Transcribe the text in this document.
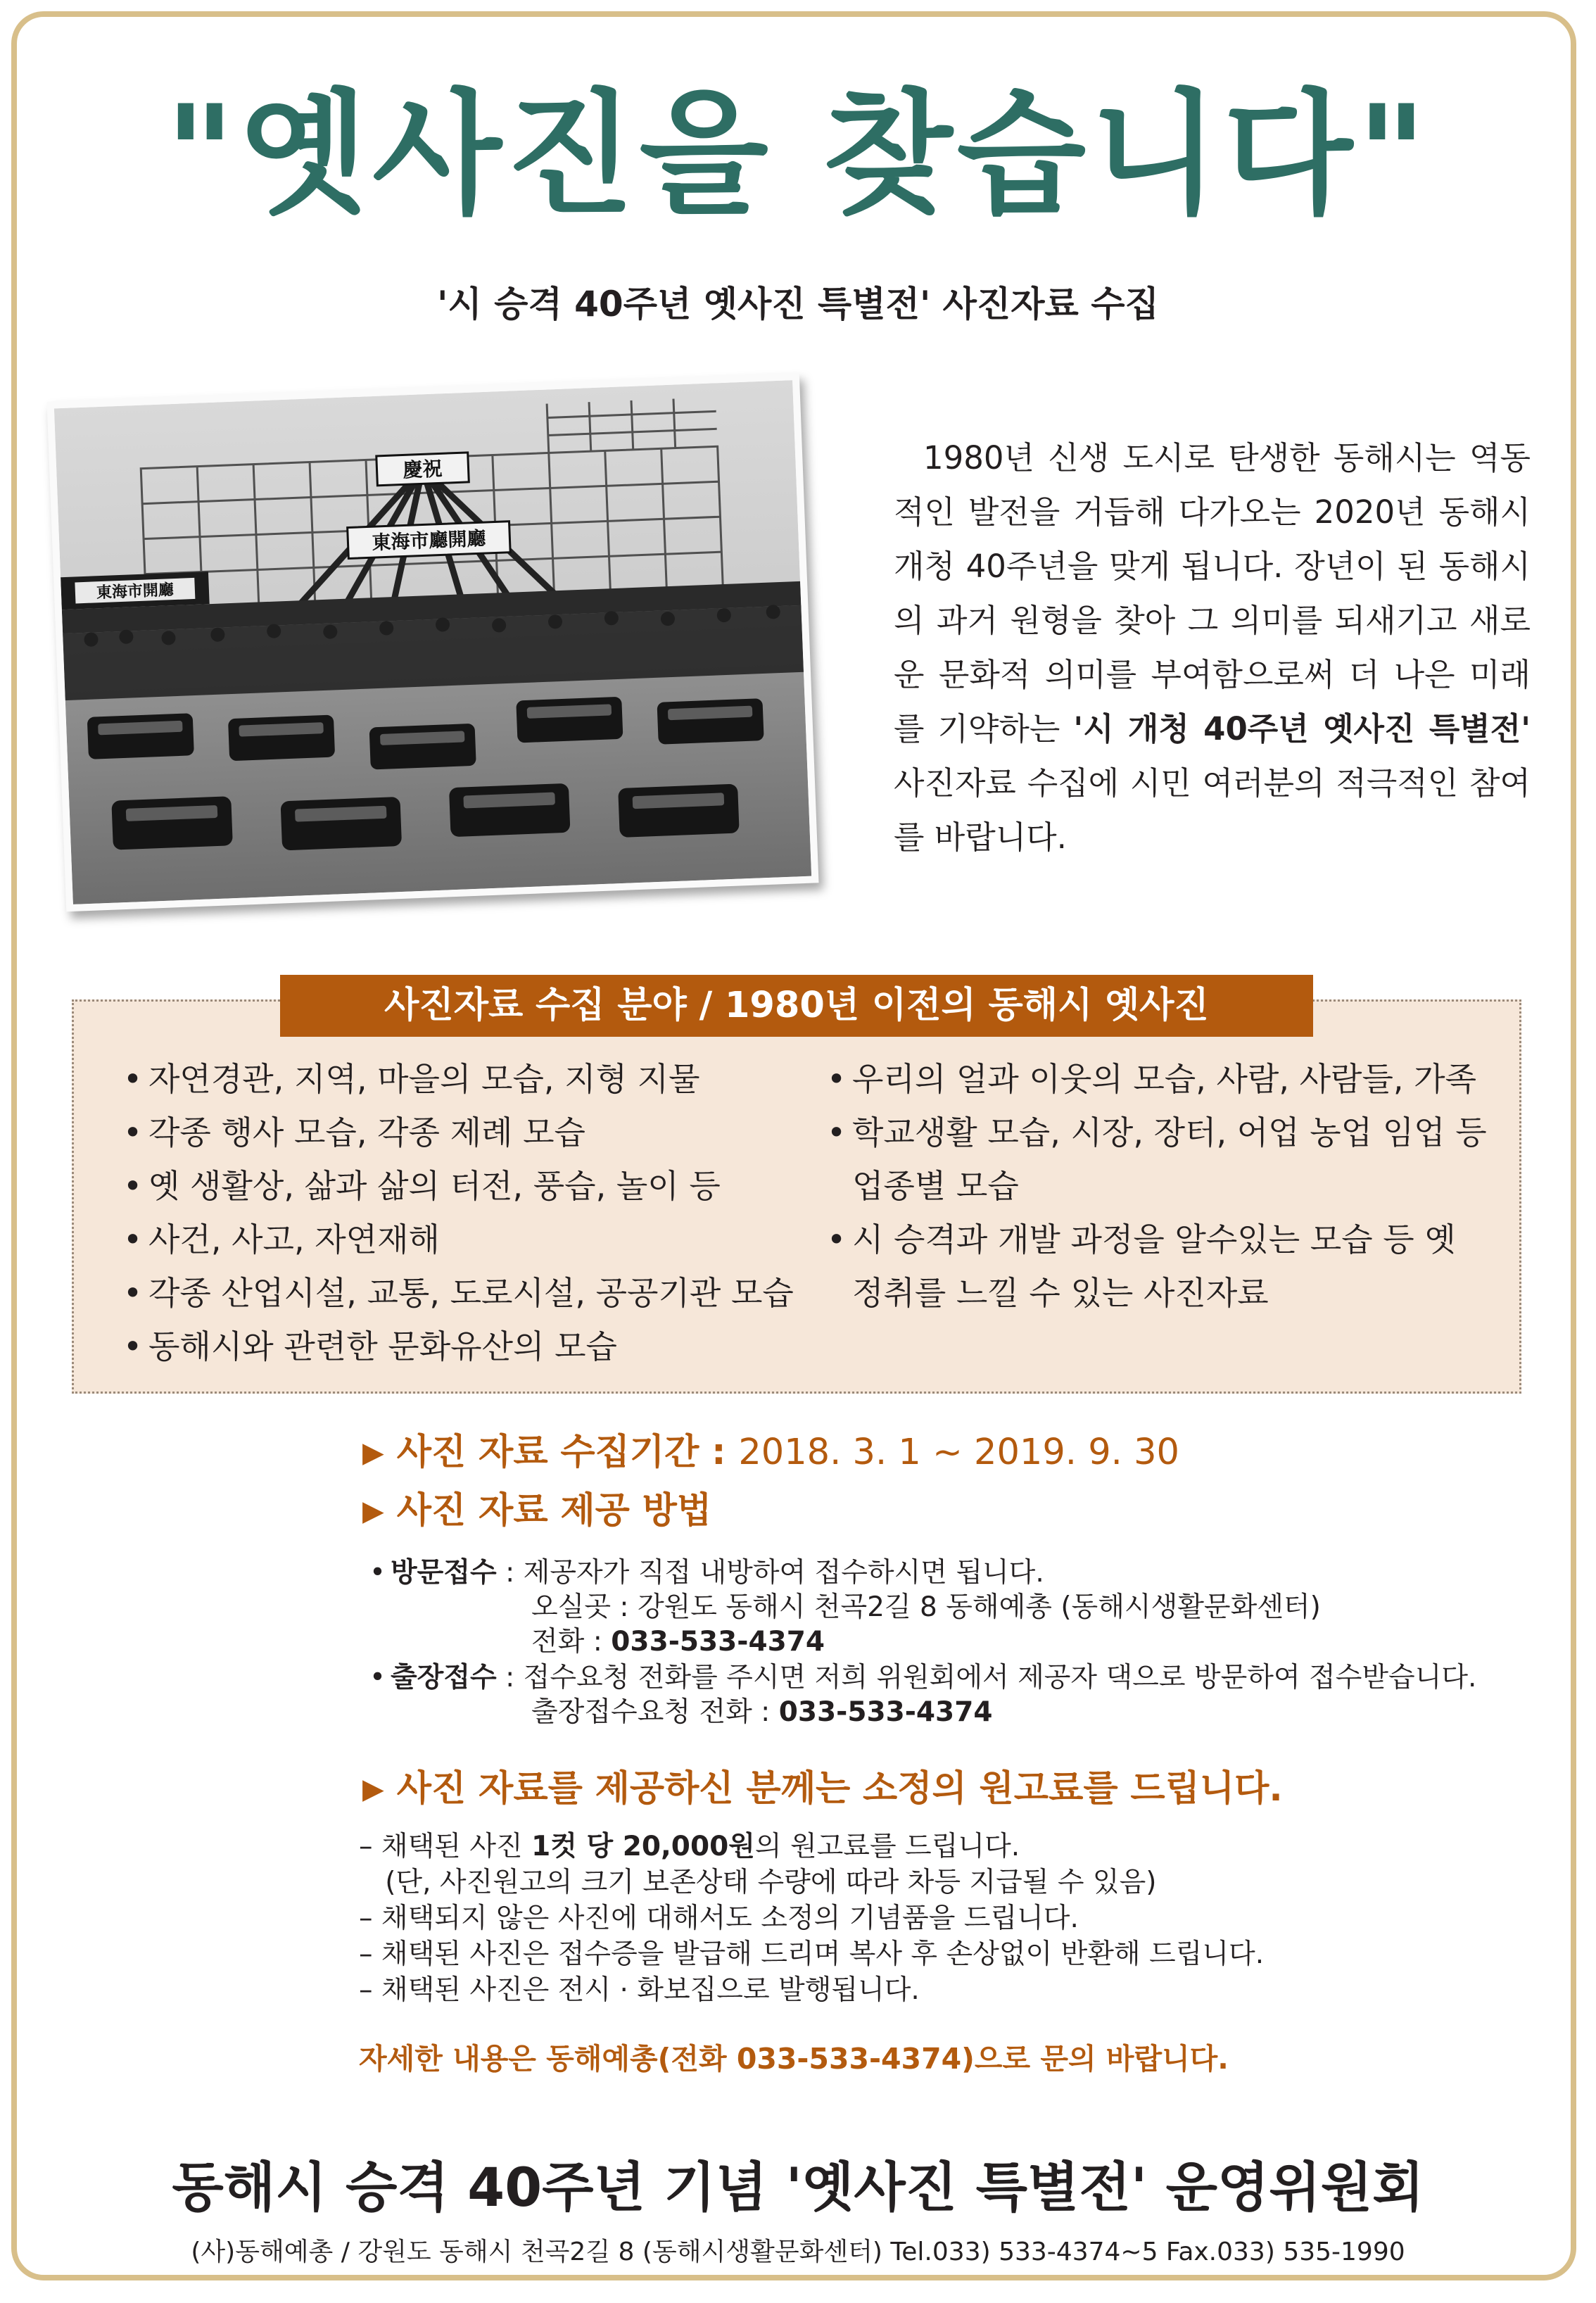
"옛사진을 찾습니다"
'시 승격 40주년 옛사진 특별전' 사진자료 수집
慶祝
東海市廳開廳
東海市開廳
1980년 신생 도시로 탄생한 동해시는 역동적인 발전을 거듭해 다가오는 2020년 동해시 개청 40주년을 맞게 됩니다. 장년이 된 동해시의 과거 원형을 찾아 그 의미를 되새기고 새로운 문화적 의미를 부여함으로써 더 나은 미래를 기약하는 '시 개청 40주년 옛사진 특별전' 사진자료 수집에 시민 여러분의 적극적인 참여를 바랍니다.
사진자료 수집 분야 / 1980년 이전의 동해시 옛사진
• 자연경관, 지역, 마을의 모습, 지형 지물
• 각종 행사 모습, 각종 제례 모습
• 옛 생활상, 삶과 삶의 터전, 풍습, 놀이 등
• 사건, 사고, 자연재해
• 각종 산업시설, 교통, 도로시설, 공공기관 모습
• 동해시와 관련한 문화유산의 모습
• 우리의 얼과 이웃의 모습, 사람, 사람들, 가족
• 학교생활 모습, 시장, 장터, 어업 농업 임업 등 업종별 모습
• 시 승격과 개발 과정을 알수있는 모습 등 옛 정취를 느낄 수 있는 사진자료
▶ 사진 자료 수집기간 : 2018. 3. 1 ~ 2019. 9. 30
▶ 사진 자료 제공 방법
• 방문접수 : 제공자가 직접 내방하여 접수하시면 됩니다.
오실곳 : 강원도 동해시 천곡2길 8 동해예총 (동해시생활문화센터)
전화 : 033-533-4374
• 출장접수 : 접수요청 전화를 주시면 저희 위원회에서 제공자 댁으로 방문하여 접수받습니다.
출장접수요청 전화 : 033-533-4374
▶ 사진 자료를 제공하신 분께는 소정의 원고료를 드립니다.
– 채택된 사진 1컷 당 20,000원의 원고료를 드립니다.
(단, 사진원고의 크기 보존상태 수량에 따라 차등 지급될 수 있음)
– 채택되지 않은 사진에 대해서도 소정의 기념품을 드립니다.
– 채택된 사진은 접수증을 발급해 드리며 복사 후 손상없이 반환해 드립니다.
– 채택된 사진은 전시 · 화보집으로 발행됩니다.
자세한 내용은 동해예총(전화 033-533-4374)으로 문의 바랍니다.
동해시 승격 40주년 기념 '옛사진 특별전' 운영위원회
(사)동해예총 / 강원도 동해시 천곡2길 8 (동해시생활문화센터) Tel.033) 533-4374~5 Fax.033) 535-1990
